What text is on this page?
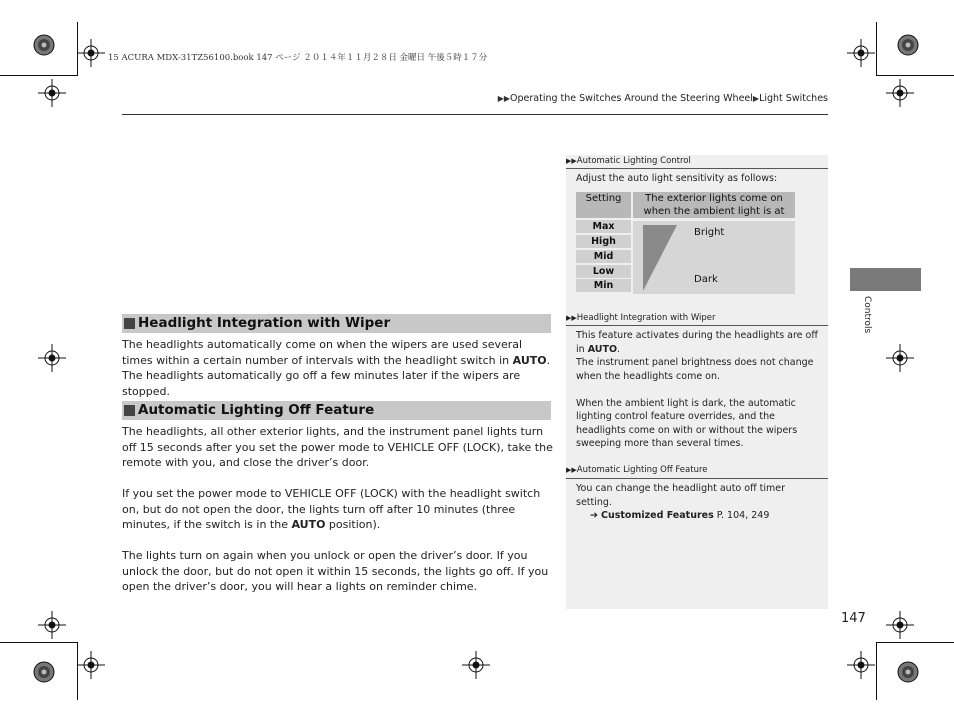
15 ACURA MDX-31TZ56100.book 147 ページ ２０１４年１１月２８日 金曜日 午後５時１７分
▶▶Operating the Switches Around the Steering Wheel▶Light Switches
Headlight Integration with Wiper

The headlights automatically come on when the wipers are used several times within a certain number of intervals with the headlight switch in AUTO.

The headlights automatically go off a few minutes later if the wipers are stopped.

Automatic Lighting Off Feature

The headlights, all other exterior lights, and the instrument panel lights turn off 15 seconds after you set the power mode to VEHICLE OFF (LOCK), take the remote with you, and close the driver’s door.

If you set the power mode to VEHICLE OFF (LOCK) with the headlight switch on, but do not open the door, the lights turn off after 10 minutes (three minutes, if the switch is in the AUTO position).

The lights turn on again when you unlock or open the driver’s door. If you unlock the door, but do not open it within 15 seconds, the lights go off. If you open the driver’s door, you will hear a lights on reminder chime.

▶▶Automatic Lighting Control
Adjust the auto light sensitivity as follows:
Setting	The exterior lights come on when the ambient light is at
Max
High
Mid
Low
Min
Bright
Dark
▶▶Headlight Integration with Wiper

This feature activates during the headlights are off in AUTO.

The instrument panel brightness does not change when the headlights come on.

When the ambient light is dark, the automatic lighting control feature overrides, and the headlights come on with or without the wipers sweeping more than several times.

▶▶Automatic Lighting Off Feature

You can change the headlight auto off timer setting.

➔ Customized Features P. 104, 249

Controls
147
